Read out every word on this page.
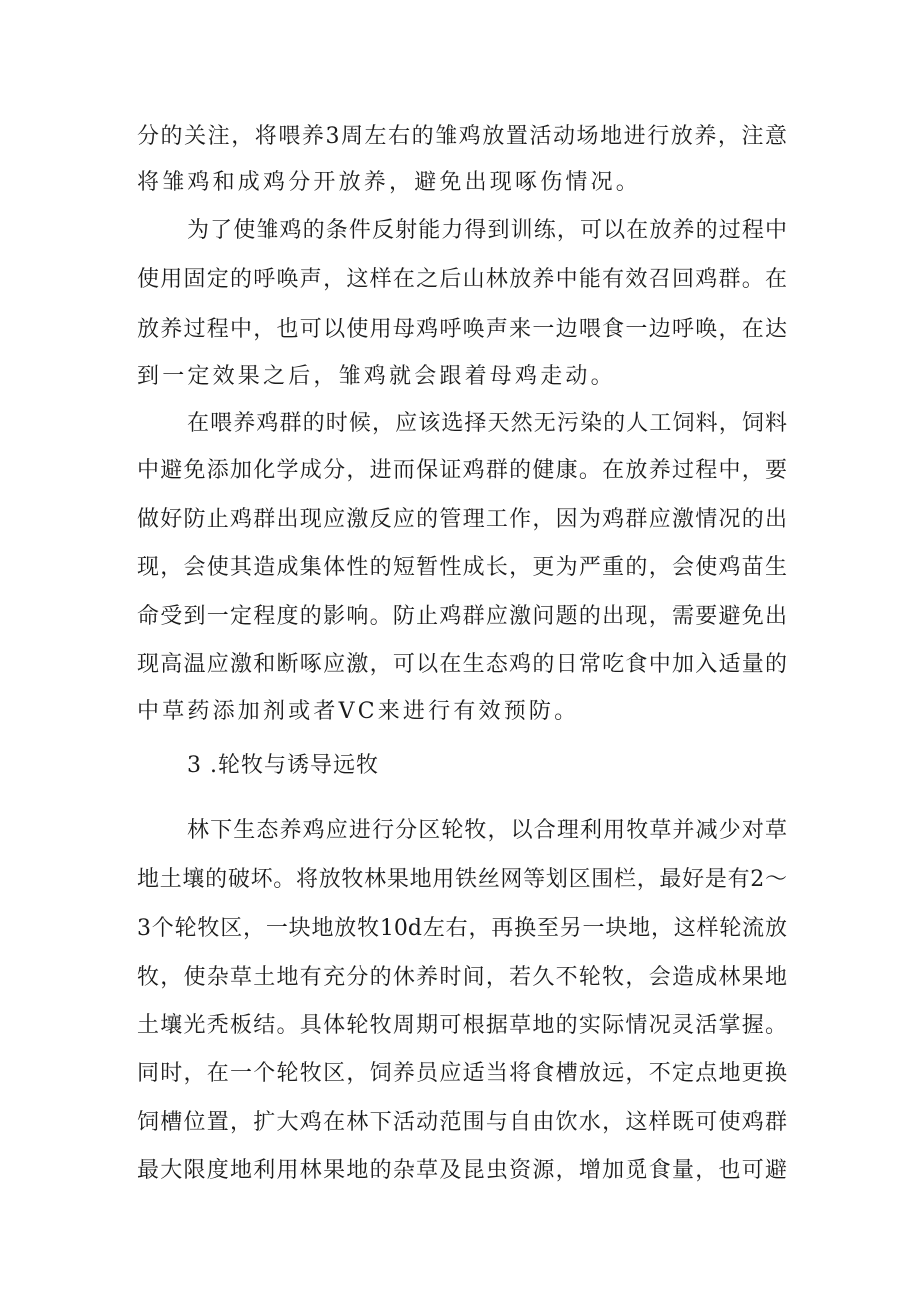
分的关注，将喂养3周左右的雏鸡放置活动场地进行放养，注意
将雏鸡和成鸡分开放养，避免出现啄伤情况。
为了使雏鸡的条件反射能力得到训练，可以在放养的过程中
使用固定的呼唤声，这样在之后山林放养中能有效召回鸡群。在
放养过程中，也可以使用母鸡呼唤声来一边喂食一边呼唤，在达
到一定效果之后，雏鸡就会跟着母鸡走动。
在喂养鸡群的时候，应该选择天然无污染的人工饲料，饲料
中避免添加化学成分，进而保证鸡群的健康。在放养过程中，要
做好防止鸡群出现应激反应的管理工作，因为鸡群应激情况的出
现，会使其造成集体性的短暂性成长，更为严重的，会使鸡苗生
命受到一定程度的影响。防止鸡群应激问题的出现，需要避免出
现高温应激和断啄应激，可以在生态鸡的日常吃食中加入适量的
中草药添加剂或者VC来进行有效预防。
3 .轮牧与诱导远牧
林下生态养鸡应进行分区轮牧，以合理利用牧草并减少对草
地土壤的破坏。将放牧林果地用铁丝网等划区围栏，最好是有2～
3个轮牧区，一块地放牧10d左右，再换至另一块地，这样轮流放
牧，使杂草土地有充分的休养时间，若久不轮牧，会造成林果地
土壤光秃板结。具体轮牧周期可根据草地的实际情况灵活掌握。
同时，在一个轮牧区，饲养员应适当将食槽放远，不定点地更换
饲槽位置，扩大鸡在林下活动范围与自由饮水，这样既可使鸡群
最大限度地利用林果地的杂草及昆虫资源，增加觅食量，也可避
